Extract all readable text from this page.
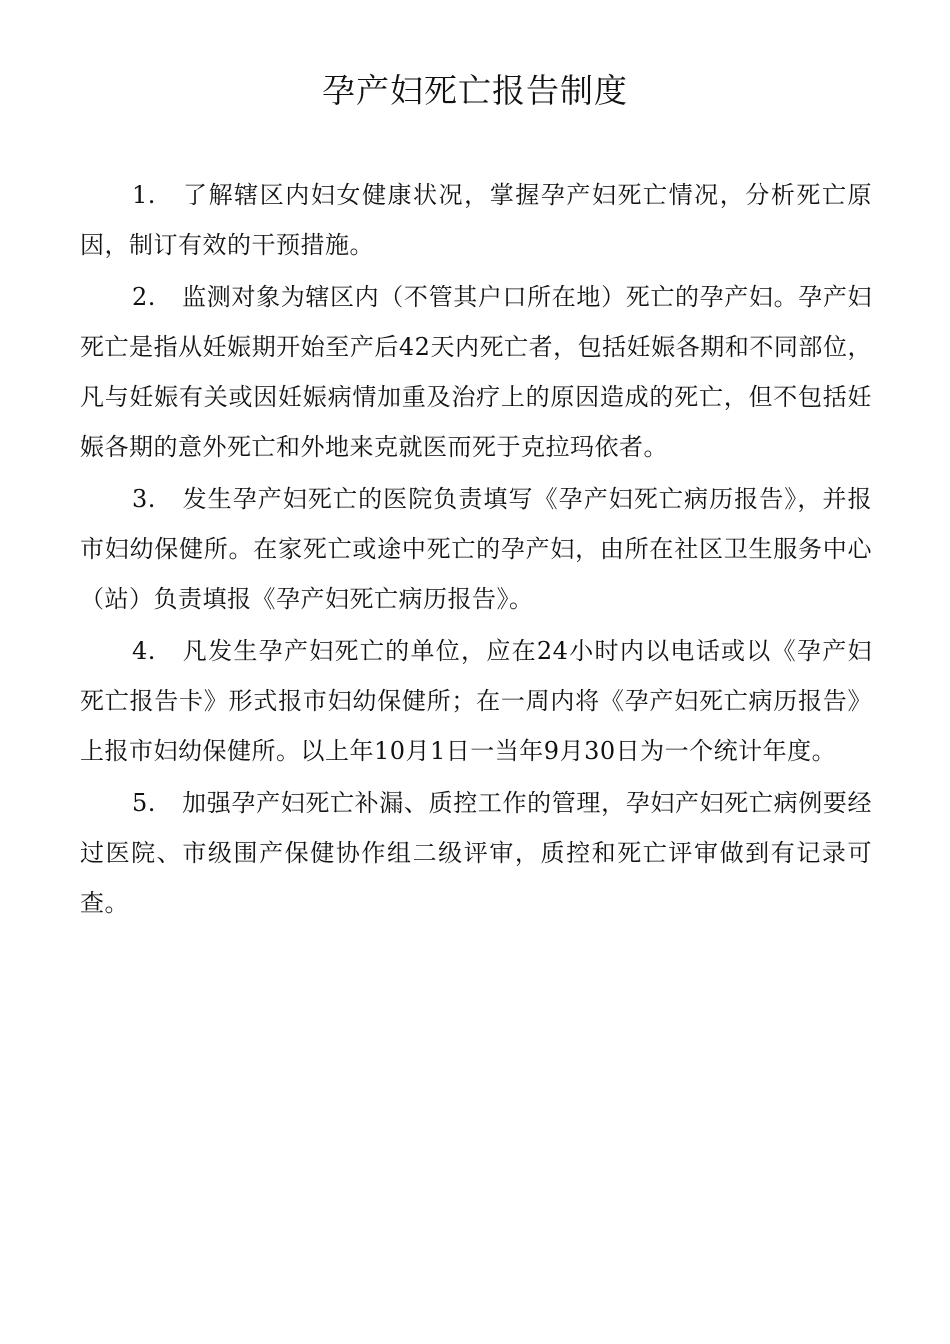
孕产妇死亡报告制度

1. 了解辖区内妇女健康状况，掌握孕产妇死亡情况，分析死亡原因，制订有效的干预措施。

2. 监测对象为辖区内（不管其户口所在地）死亡的孕产妇。孕产妇死亡是指从妊娠期开始至产后42天内死亡者，包括妊娠各期和不同部位，凡与妊娠有关或因妊娠病情加重及治疗上的原因造成的死亡，但不包括妊娠各期的意外死亡和外地来克就医而死于克拉玛依者。

3. 发生孕产妇死亡的医院负责填写《孕产妇死亡病历报告》，并报市妇幼保健所。在家死亡或途中死亡的孕产妇，由所在社区卫生服务中心（站）负责填报《孕产妇死亡病历报告》。

4. 凡发生孕产妇死亡的单位，应在24小时内以电话或以《孕产妇死亡报告卡》形式报市妇幼保健所；在一周内将《孕产妇死亡病历报告》上报市妇幼保健所。以上年10月1日一当年9月30日为一个统计年度。

5. 加强孕产妇死亡补漏、质控工作的管理，孕妇产妇死亡病例要经过医院、市级围产保健协作组二级评审，质控和死亡评审做到有记录可查。
